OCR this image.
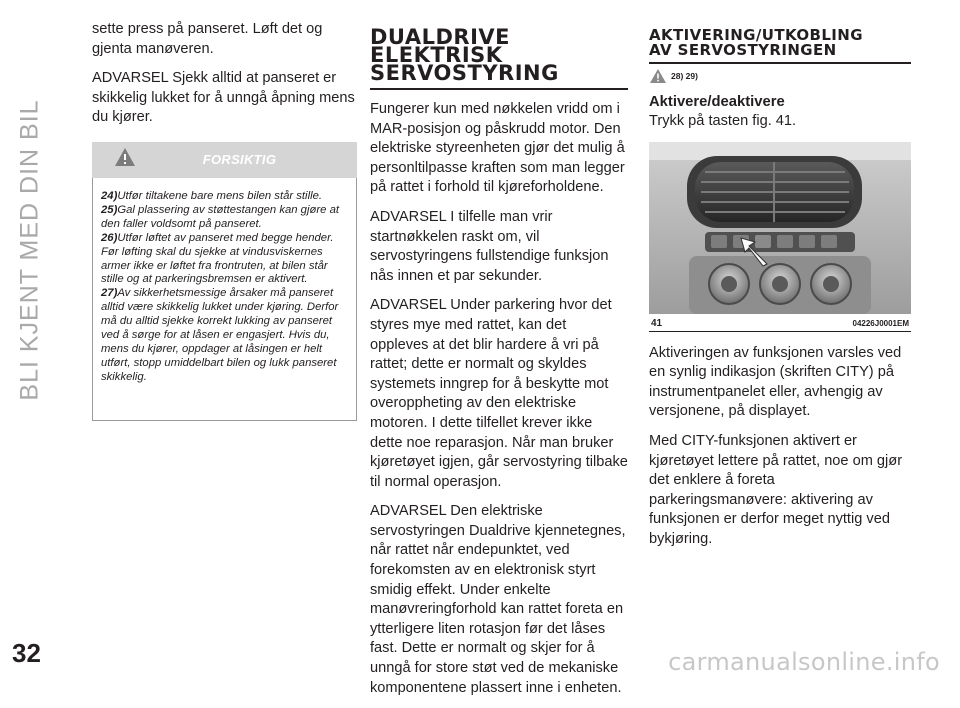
BLI KJENT MED DIN BIL
32

sette press på panseret. Løft det og gjenta manøveren.

ADVARSEL Sjekk alltid at panseret er skikkelig lukket for å unngå åpning mens du kjører.

FORSIKTIG

24)Utfør tiltakene bare mens bilen står stille.

25)Gal plassering av støttestangen kan gjøre at den faller voldsomt på panseret.

26)Utfør løftet av panseret med begge hender. Før løfting skal du sjekke at vindusviskernes armer ikke er løftet fra frontruten, at bilen står stille og at parkeringsbremsen er aktivert.

27)Av sikkerhetsmessige årsaker må panseret alltid være skikkelig lukket under kjøring. Derfor må du alltid sjekke korrekt lukking av panseret ved å sørge for at låsen er engasjert. Hvis du, mens du kjører, oppdager at låsingen er helt utført, stopp umiddelbart bilen og lukk panseret skikkelig.

DUALDRIVE
ELEKTRISK
SERVOSTYRING

Fungerer kun med nøkkelen vridd om i MAR-posisjon og påskrudd motor. Den elektriske styreenheten gjør det mulig å personltilpasse kraften som man legger på rattet i forhold til kjøreforholdene.

ADVARSEL I tilfelle man vrir startnøkkelen raskt om, vil servostyringens fullstendige funksjon nås innen et par sekunder.

ADVARSEL Under parkering hvor det styres mye med rattet, kan det oppleves at det blir hardere å vri på rattet; dette er normalt og skyldes systemets inngrep for å beskytte mot overoppheting av den elektriske motoren. I dette tilfellet krever ikke dette noe reparasjon. Når man bruker kjøretøyet igjen, går servostyring tilbake til normal operasjon.

ADVARSEL Den elektriske servostyringen Dualdrive kjennetegnes, når rattet når endepunktet, ved forekomsten av en elektronisk styrt smidig effekt. Under enkelte manøvreringforhold kan rattet foreta en ytterligere liten rotasjon før det låses fast. Dette er normalt og skjer for å unngå for store støt ved de mekaniske komponentene plassert inne i enheten.

AKTIVERING/UTKOBLING
AV SERVOSTYRINGEN
28) 29)
Aktivere/deaktivere

Trykk på tasten fig. 41.

41	04226J0001EM

Aktiveringen av funksjonen varsles ved en synlig indikasjon (skriften CITY) på instrumentpanelet eller, avhengig av versjonene, på displayet.

Med CITY-funksjonen aktivert er kjøretøyet lettere på rattet, noe om gjør det enklere å foreta parkeringsmanøvere: aktivering av funksjonen er derfor meget nyttig ved bykjøring.

carmanualsonline.info
